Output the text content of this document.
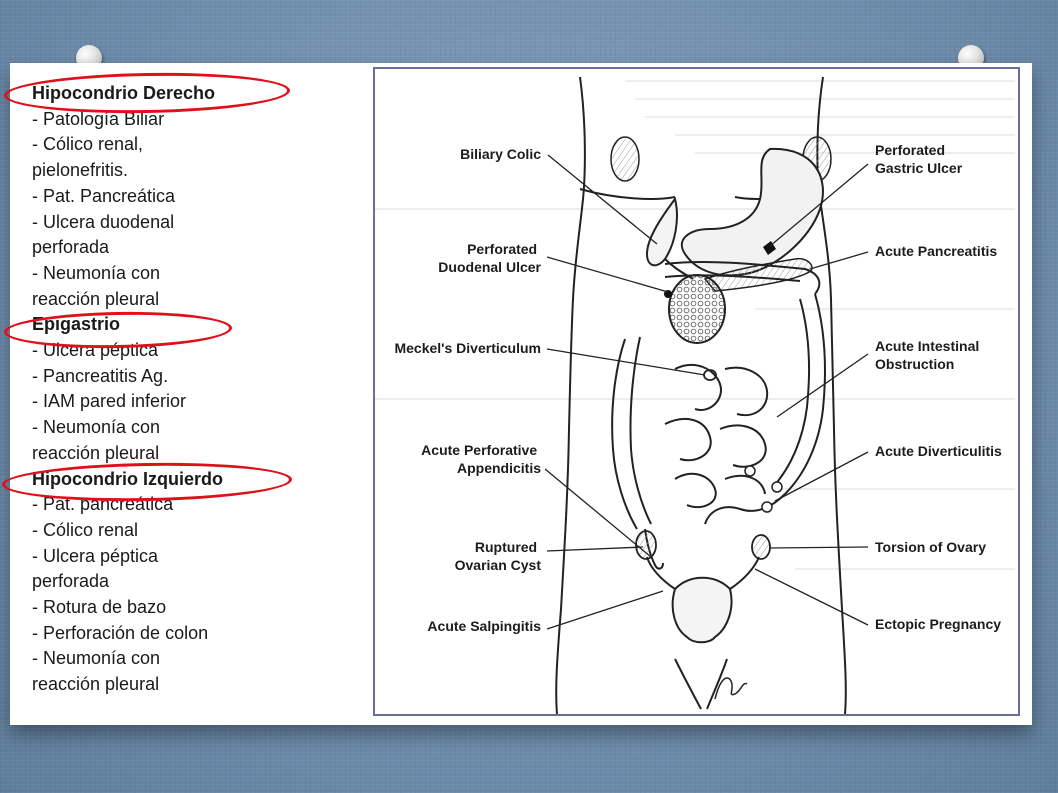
Hipocondrio Derecho
- Patología Biliar
- Cólico renal,
pielonefritis.
- Pat. Pancreática
- Ulcera duodenal
perforada
- Neumonía con
reacción pleural
Epigastrio
- Ulcera péptica
- Pancreatitis Ag.
- IAM pared inferior
- Neumonía con
reacción pleural
Hipocondrio Izquierdo
- Pat. pancreática
- Cólico renal
- Ulcera péptica
perforada
- Rotura de bazo
- Perforación de colon
- Neumonía con
reacción pleural
Biliary Colic
Perforated Duodenal Ulcer
Meckel's Diverticulum
Acute Perforative Appendicitis
Ruptured Ovarian Cyst
Acute Salpingitis
Perforated Gastric Ulcer
Acute Pancreatitis
Acute Intestinal Obstruction
Acute Diverticulitis
Torsion of Ovary
Ectopic Pregnancy
